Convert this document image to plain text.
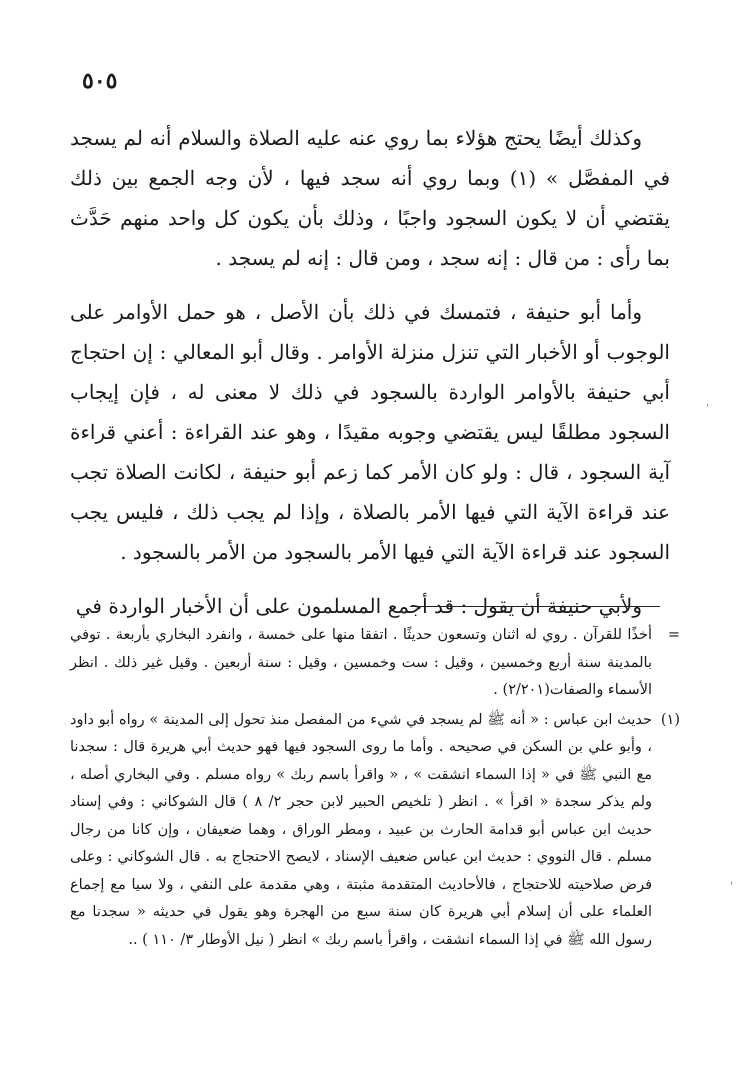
٥٠٥

وكذلك أيضًا يحتج هؤلاء بما روي عنه عليه الصلاة والسلام أنه لم يسجد في المفصَّل » (١) وبما روي أنه سجد فيها ، لأن وجه الجمع بين ذلك يقتضي أن لا يكون السجود واجبًا ، وذلك بأن يكون كل واحد منهم حَدَّث بما رأى : من قال : إنه سجد ، ومن قال : إنه لم يسجد .

وأما أبو حنيفة ، فتمسك في ذلك بأن الأصل ، هو حمل الأوامر على الوجوب أو الأخبار التي تنزل منزلة الأوامر . وقال أبو المعالي : إن احتجاج أبي حنيفة بالأوامر الواردة بالسجود في ذلك لا معنى له ، فإن إيجاب السجود مطلقًا ليس يقتضي وجوبه مقيدًا ، وهو عند القراءة : أعني قراءة آية السجود ، قال : ولو كان الأمر كما زعم أبو حنيفة ، لكانت الصلاة تجب عند قراءة الآية التي فيها الأمر بالصلاة ، وإذا لم يجب ذلك ، فليس يجب السجود عند قراءة الآية التي فيها الأمر بالسجود من الأمر بالسجود .

ولأبي حنيفة أن يقول : قد أجمع المسلمون على أن الأخبار الواردة في

=
أخذًا للقرآن . روي له اثنان وتسعون حديثًا . اتفقا منها على خمسة ، وانفرد البخاري بأربعة . توفي بالمدينة سنة أربع وخمسين ، وقيل : ست وخمسين ، وقيل : سنة أربعين . وقيل غير ذلك . انظر الأسماء والصفات(٢/٢٠١) .
(١)
حديث ابن عباس : « أنه ﷺ لم يسجد في شيء من المفصل منذ تحول إلى المدينة » رواه أبو داود ، وأبو علي بن السكن في صحيحه . وأما ما روى السجود فيها فهو حديث أبي هريرة قال : سجدنا مع النبي ﷺ في « إذا السماء انشقت » ، « واقرأ باسم ربك » رواه مسلم . وفي البخاري أصله ، ولم يذكر سجدة « اقرأ » . انظر ( تلخيص الحبير لابن حجر ٢/ ٨ ) قال الشوكاني : وفي إسناد حديث ابن عباس أبو قدامة الحارث بن عبيد ، ومطر الوراق ، وهما ضعيفان ، وإن كانا من رجال مسلم . قال النووي : حديث ابن عباس ضعيف الإسناد ، لايصح الاحتجاج به . قال الشوكاني : وعلى فرض صلاحيته للاحتجاج ، فالأحاديث المتقدمة مثبتة ، وهي مقدمة على النفي ، ولا سيا مع إجماع العلماء على أن إسلام أبي هريرة كان سنة سبع من الهجرة وهو يقول في حديثه « سجدنا مع رسول الله ﷺ في إذا السماء انشقت ، واقرأ باسم ربك » انظر ( نيل الأوطار ٣/ ١١٠ ) ..
ˈ
ˈ
